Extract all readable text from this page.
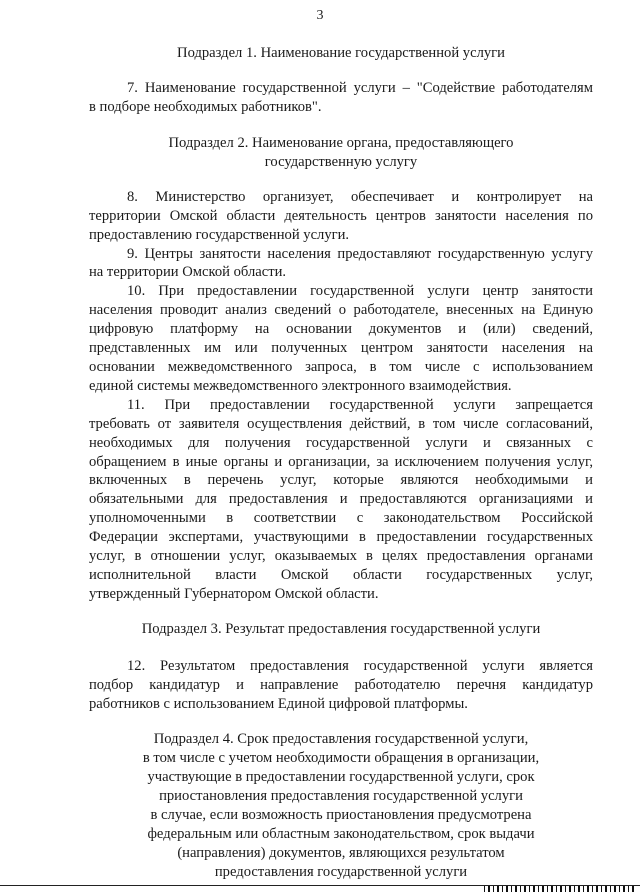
3

Подраздел 1. Наименование государственной услуги

7. Наименование государственной услуги – "Содействие работодателям
в подборе необходимых работников".

Подраздел 2. Наименование органа, предоставляющего
государственную услугу

8. Министерство организует, обеспечивает и контролирует на
территории Омской области деятельность центров занятости населения по
предоставлению государственной услуги.
9. Центры занятости населения предоставляют государственную услугу
на территории Омской области.
10. При предоставлении государственной услуги центр занятости
населения проводит анализ сведений о работодателе, внесенных на Единую
цифровую платформу на основании документов и (или) сведений,
представленных им или полученных центром занятости населения на
основании межведомственного запроса, в том числе с использованием
единой системы межведомственного электронного взаимодействия.
11. При предоставлении государственной услуги запрещается
требовать от заявителя осуществления действий, в том числе согласований,
необходимых для получения государственной услуги и связанных с
обращением в иные органы и организации, за исключением получения услуг,
включенных в перечень услуг, которые являются необходимыми и
обязательными для предоставления и предоставляются организациями и
уполномоченными в соответствии с законодательством Российской
Федерации экспертами, участвующими в предоставлении государственных
услуг, в отношении услуг, оказываемых в целях предоставления органами
исполнительной власти Омской области государственных услуг,
утвержденный Губернатором Омской области.

Подраздел 3. Результат предоставления государственной услуги

12. Результатом предоставления государственной услуги является
подбор кандидатур и направление работодателю перечня кандидатур
работников с использованием Единой цифровой платформы.

Подраздел 4. Срок предоставления государственной услуги,
в том числе с учетом необходимости обращения в организации,
участвующие в предоставлении государственной услуги, срок
приостановления предоставления государственной услуги
в случае, если возможность приостановления предусмотрена
федеральным или областным законодательством, срок выдачи
(направления) документов, являющихся результатом
предоставления государственной услуги
